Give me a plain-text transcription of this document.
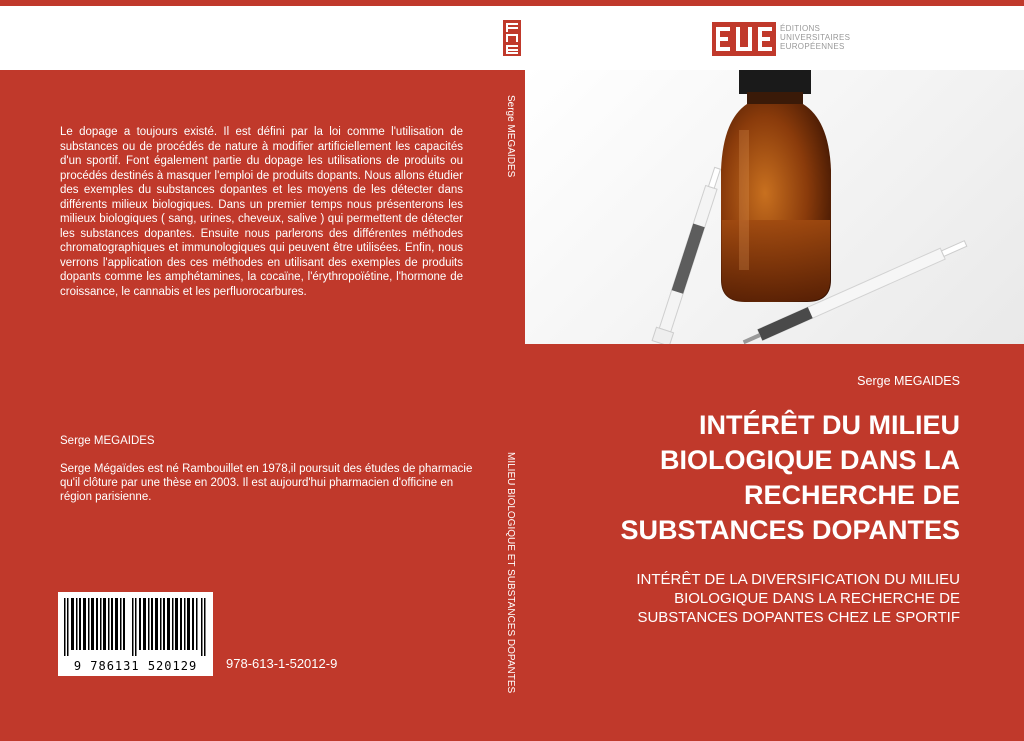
ÉDITIONS
UNIVERSITAIRES
EUROPÉENNES
Le dopage a toujours existé. Il est défini par la loi comme l'utilisation de substances ou de procédés de nature à modifier artificiellement les capacités d'un sportif. Font également partie du dopage les utilisations de produits ou procédés destinés à masquer l'emploi de produits dopants. Nous allons étudier des exemples du substances dopantes et les moyens de les détecter dans différents milieux biologiques. Dans un premier temps nous présenterons les milieux biologiques ( sang, urines, cheveux, salive ) qui permettent de détecter les substances dopantes. Ensuite nous parlerons des différentes méthodes chromatographiques et immunologiques qui peuvent être utilisées. Enfin, nous verrons l'application des ces méthodes en utilisant des exemples de produits dopants comme les amphétamines, la cocaïne, l'érythropoïétine, l'hormone de croissance, le cannabis et les perfluorocarbures.
Serge MEGAIDES
Serge Mégaïdes est né Rambouillet en 1978,il poursuit des études de pharmacie qu'il clôture par une thèse en 2003. Il est aujourd'hui pharmacien d'officine en région parisienne.
9 786131 520129	978-613-1-52012-9
Serge MEGAIDES
MILIEU BIOLOGIQUE ET SUBSTANCES DOPANTES
Serge MEGAIDES
INTÉRÊT DU MILIEU BIOLOGIQUE DANS LA RECHERCHE DE SUBSTANCES DOPANTES
INTÉRÊT DE LA DIVERSIFICATION DU MILIEU BIOLOGIQUE DANS LA RECHERCHE DE SUBSTANCES DOPANTES CHEZ LE SPORTIF
